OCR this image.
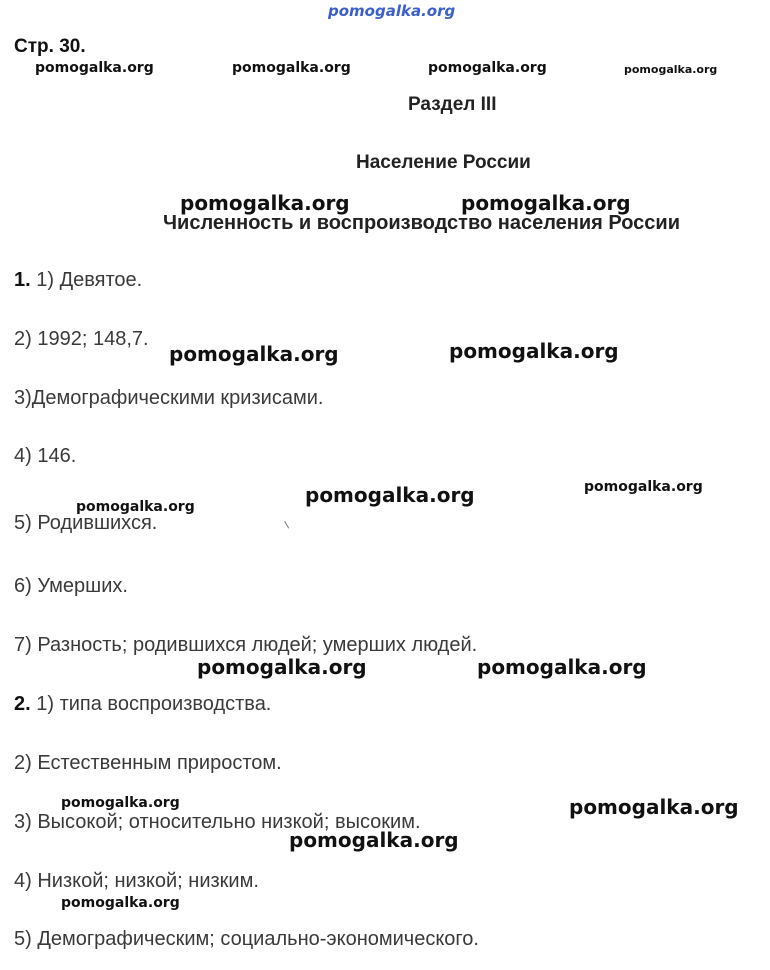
pomogalka.org
Стр. 30.
pomogalka.org	pomogalka.org	pomogalka.org	pomogalka.org
Раздел III
Население России
pomogalka.org	pomogalka.org
Численность и воспроизводство населения России
1. 1) Девятое.
2) 1992; 148,7.
pomogalka.org	pomogalka.org
3)Демографическими кризисами.
4) 146.
pomogalka.org	pomogalka.org	pomogalka.org
5) Родившихся.
6) Умерших.
7) Разность; родившихся людей; умерших людей.
pomogalka.org	pomogalka.org
2. 1) типа воспроизводства.
2) Естественным приростом.
pomogalka.org	pomogalka.org
3) Высокой; относительно низкой; высоким.
pomogalka.org
4) Низкой; низкой; низким.
pomogalka.org
5) Демографическим; социально-экономического.
